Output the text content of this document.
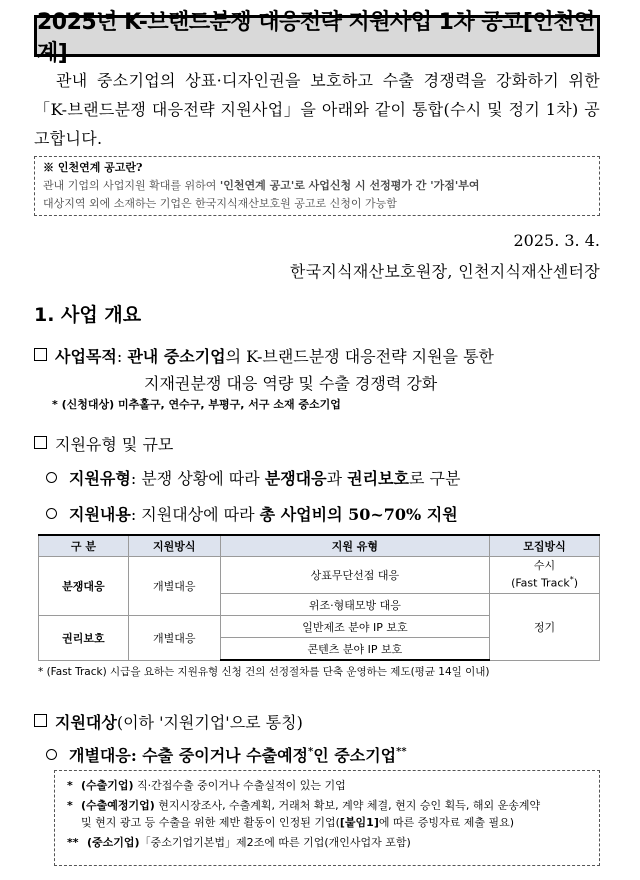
2025년 K-브랜드분쟁 대응전략 지원사업 1차 공고[인천연계]

관내 중소기업의 상표·디자인권을 보호하고 수출 경쟁력을 강화하기 위한 「K-브랜드분쟁 대응전략 지원사업」을 아래와 같이 통합(수시 및 정기 1차) 공고합니다.

※ 인천연계 공고란?
관내 기업의 사업지원 확대를 위하여 '인천연계 공고'로 사업신청 시 선정평가 간 '가점'부여
대상지역 외에 소재하는 기업은 한국지식재산보호원 공고로 신청이 가능함
2025. 3. 4.
한국지식재산보호원장, 인천지식재산센터장
1. 사업 개요
사업목적: 관내 중소기업의 K-브랜드분쟁 대응전략 지원을 통한
지재권분쟁 대응 역량 및 수출 경쟁력 강화
* (신청대상) 미추홀구, 연수구, 부평구, 서구 소재 중소기업
지원유형 및 규모
지원유형: 분쟁 상황에 따라 분쟁대응과 권리보호로 구분
지원내용: 지원대상에 따라 총 사업비의 50~70% 지원
구 분	지원방식	지원 유형	모집방식
분쟁대응	개별대응	상표무단선점 대응	수시
(Fast Track*)
		위조·형태모방 대응	정기
권리보호	개별대응	일반제조 분야 IP 보호	
		콘텐츠 분야 IP 보호	
* (Fast Track) 시급을 요하는 지원유형 신청 건의 선정절차를 단축 운영하는 제도(평균 14일 이내)
지원대상(이하 '지원기업'으로 통칭)
개별대응: 수출 중이거나 수출예정*인 중소기업**
* (수출기업) 직·간접수출 중이거나 수출실적이 있는 기업
* (수출예정기업) 현지시장조사, 수출계획, 거래처 확보, 계약 체결, 현지 승인 획득, 해외 운송계약
및 현지 광고 등 수출을 위한 제반 활동이 인정된 기업([붙임1]에 따른 증빙자료 제출 필요)
** (중소기업)「중소기업기본법」제2조에 따른 기업(개인사업자 포함)
